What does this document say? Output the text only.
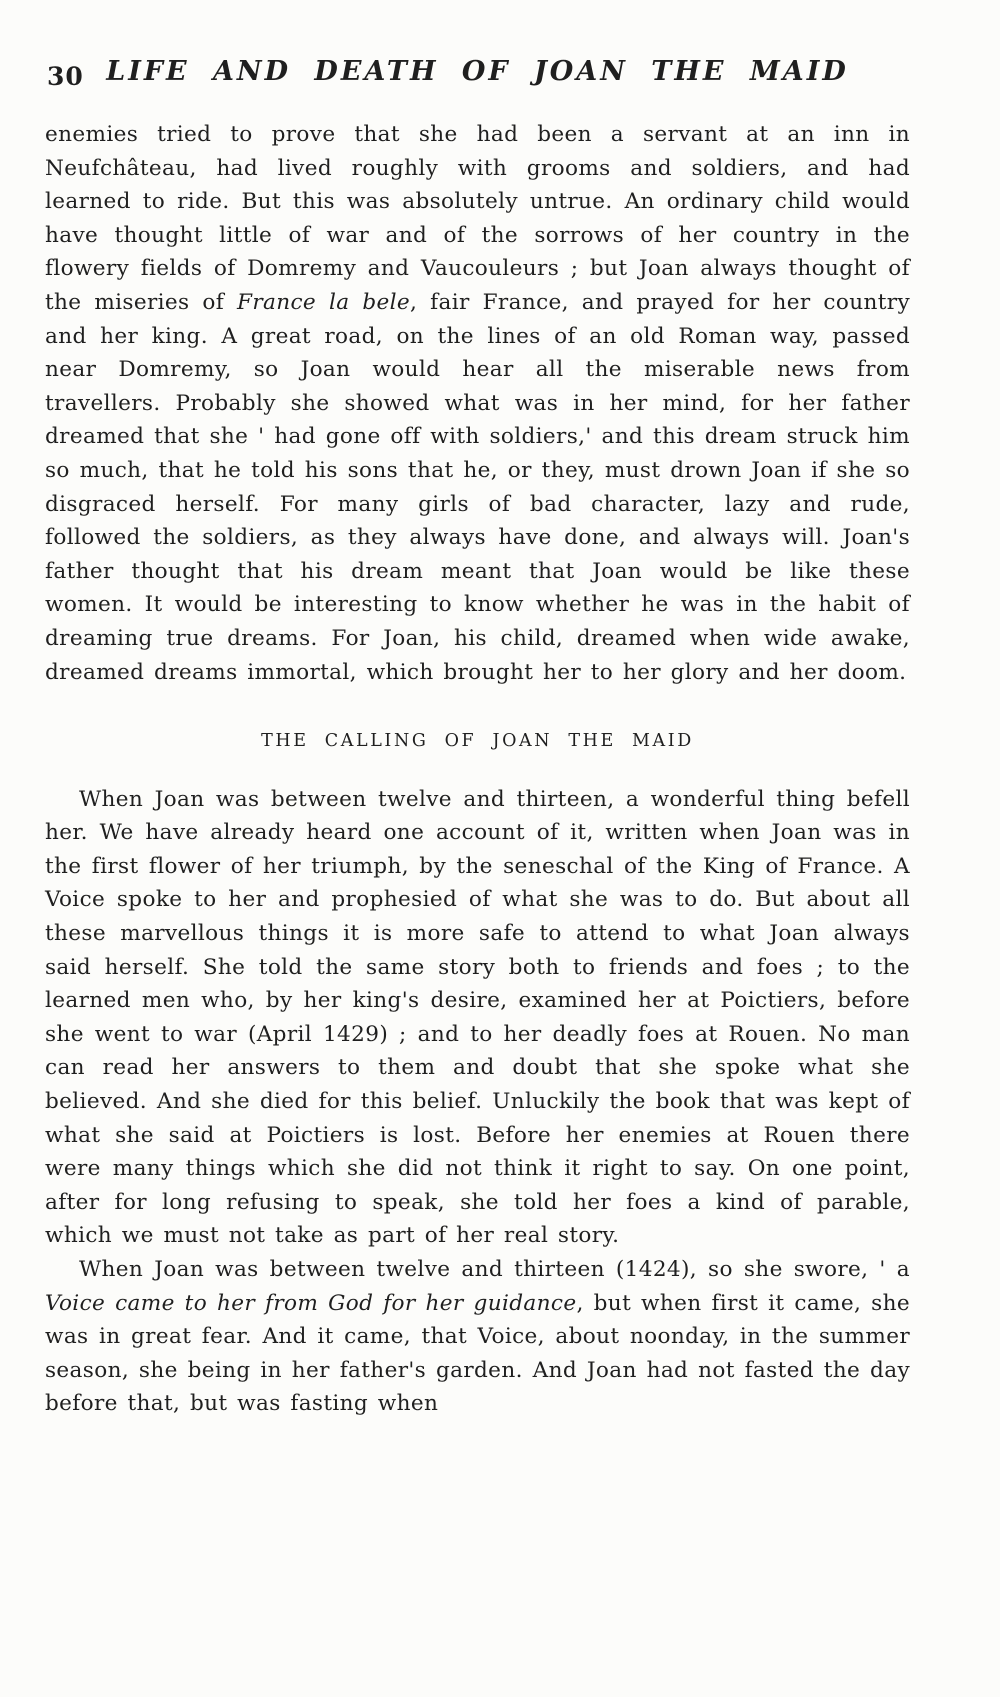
30 LIFE AND DEATH OF JOAN THE MAID

enemies tried to prove that she had been a servant at an inn in Neufchâteau, had lived roughly with grooms and soldiers, and had learned to ride. But this was absolutely untrue. An ordinary child would have thought little of war and of the sorrows of her country in the flowery fields of Domremy and Vaucouleurs ; but Joan always thought of the miseries of France la bele, fair France, and prayed for her country and her king. A great road, on the lines of an old Roman way, passed near Domremy, so Joan would hear all the miserable news from travellers. Probably she showed what was in her mind, for her father dreamed that she ' had gone off with soldiers,' and this dream struck him so much, that he told his sons that he, or they, must drown Joan if she so disgraced herself. For many girls of bad character, lazy and rude, followed the soldiers, as they always have done, and always will. Joan's father thought that his dream meant that Joan would be like these women. It would be interesting to know whether he was in the habit of dreaming true dreams. For Joan, his child, dreamed when wide awake, dreamed dreams immortal, which brought her to her glory and her doom.

THE CALLING OF JOAN THE MAID

When Joan was between twelve and thirteen, a wonderful thing befell her. We have already heard one account of it, written when Joan was in the first flower of her triumph, by the seneschal of the King of France. A Voice spoke to her and prophesied of what she was to do. But about all these marvellous things it is more safe to attend to what Joan always said herself. She told the same story both to friends and foes ; to the learned men who, by her king's desire, examined her at Poictiers, before she went to war (April 1429) ; and to her deadly foes at Rouen. No man can read her answers to them and doubt that she spoke what she believed. And she died for this belief. Unluckily the book that was kept of what she said at Poictiers is lost. Before her enemies at Rouen there were many things which she did not think it right to say. On one point, after for long refusing to speak, she told her foes a kind of parable, which we must not take as part of her real story.

When Joan was between twelve and thirteen (1424), so she swore, ' a Voice came to her from God for her guidance, but when first it came, she was in great fear. And it came, that Voice, about noonday, in the summer season, she being in her father's garden. And Joan had not fasted the day before that, but was fasting when
